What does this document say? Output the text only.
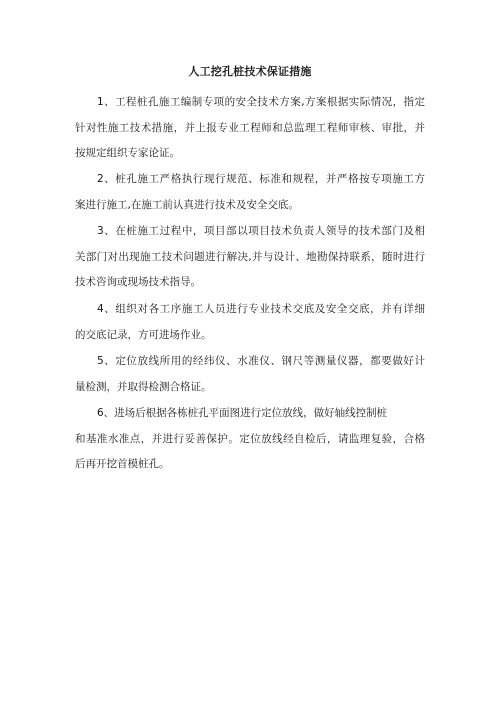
人工挖孔桩技术保证措施
1、工程桩孔施工编制专项的安全技术方案,方案根据实际情况，指定
针对性施工技术措施，并上报专业工程师和总监理工程师审核、审批，并
按规定组织专家论证。
2、桩孔施工严格执行现行规范、标准和规程，并严格按专项施工方
案进行施工,在施工前认真进行技术及安全交底。
3、在桩施工过程中，项目部以项目技术负责人领导的技术部门及相
关部门对出现施工技术问题进行解决,并与设计、地勘保持联系，随时进行
技术咨询或现场技术指导。
4、组织对各工序施工人员进行专业技术交底及安全交底，并有详细
的交底记录，方可进场作业。
5、定位放线所用的经纬仪、水准仪、钢尺等测量仪器，都要做好计
量检测，并取得检测合格证。
6、进场后根据各栋桩孔平面图进行定位放线，做好轴线控制桩
和基准水准点，并进行妥善保护。定位放线经自检后，请监理复验，合格
后再开挖首模桩孔。
